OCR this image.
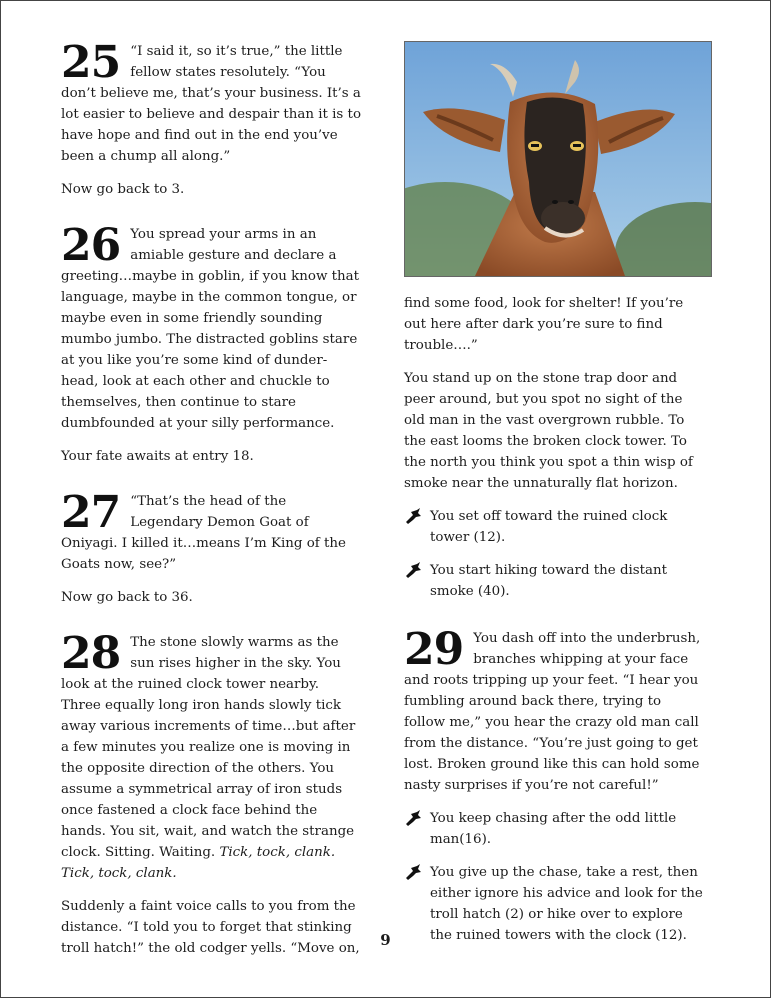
25 “I said it, so it’s true,” the little fellow states resolutely. “You don’t believe me, that’s your business. It’s a lot easier to believe and despair than it is to have hope and find out in the end you’ve been a chump all along.”

Now go back to 3.

26 You spread your arms in an amiable gesture and declare a greeting…maybe in goblin, if you know that language, maybe in the common tongue, or maybe even in some friendly sounding mumbo jumbo. The distracted goblins stare at you like you’re some kind of dunder-head, look at each other and chuckle to themselves, then continue to stare dumbfounded at your silly performance.

Your fate awaits at entry 18.

27 “That’s the head of the Legendary Demon Goat of Oniyagi. I killed it…means I’m King of the Goats now, see?”

Now go back to 36.

28 The stone slowly warms as the sun rises higher in the sky. You look at the ruined clock tower nearby. Three equally long iron hands slowly tick away various increments of time…but after a few minutes you realize one is moving in the opposite direction of the others. You assume a symmetrical array of iron studs once fastened a clock face behind the hands. You sit, wait, and watch the strange clock. Sitting. Waiting. Tick, tock, clank. Tick, tock, clank.

Suddenly a faint voice calls to you from the distance. “I told you to forget that stinking troll hatch!” the old codger yells. “Move on,

find some food, look for shelter! If you’re out here after dark you’re sure to find trouble….”

You stand up on the stone trap door and peer around, but you spot no sight of the old man in the vast overgrown rubble. To the east looms the broken clock tower. To the north you think you spot a thin wisp of smoke near the unnaturally flat horizon.

You set off toward the ruined clock tower (12).
You start hiking toward the distant smoke (40).
29 You dash off into the underbrush, branches whipping at your face and roots tripping up your feet. “I hear you fumbling around back there, trying to follow me,” you hear the crazy old man call from the distance. “You’re just going to get lost. Broken ground like this can hold some nasty surprises if you’re not careful!”

You keep chasing after the odd little man(16).
You give up the chase, take a rest, then either ignore his advice and look for the troll hatch (2) or hike over to explore the ruined towers with the clock (12).
9
